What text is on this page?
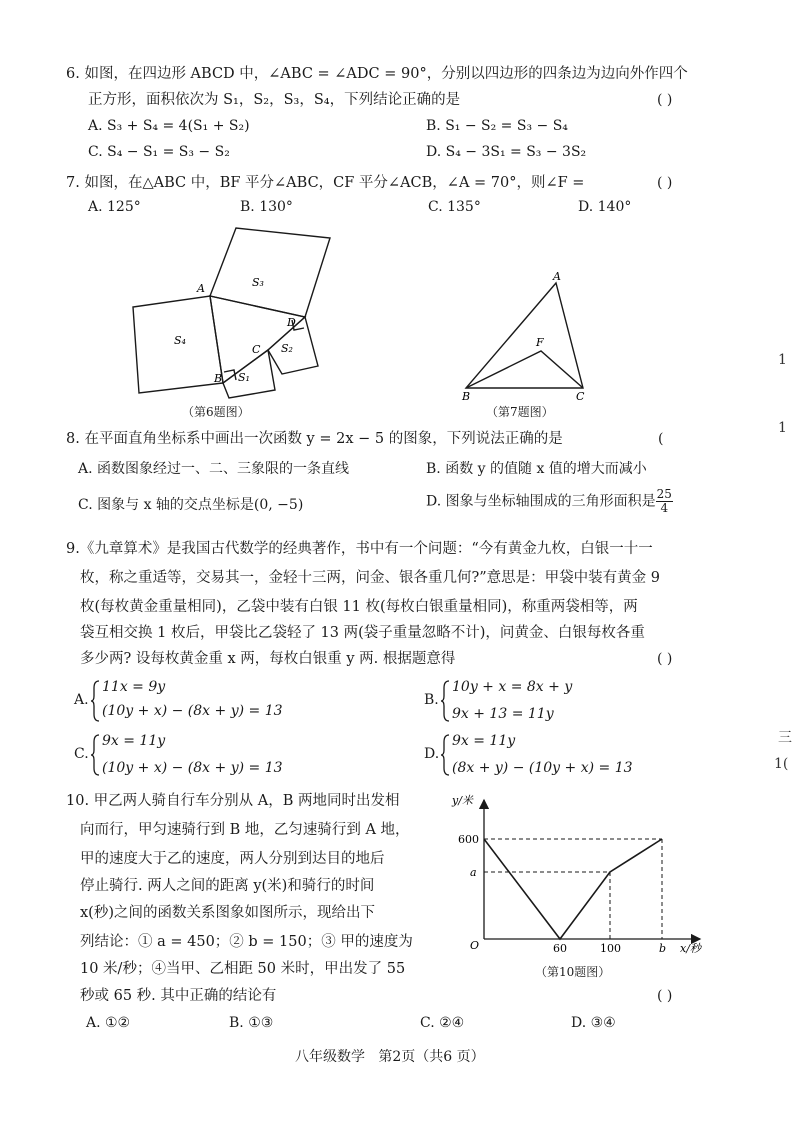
6. 如图，在四边形 ABCD 中，∠ABC = ∠ADC = 90°，分别以四边形的四条边为边向外作四个
正方形，面积依次为 S₁，S₂，S₃，S₄，下列结论正确的是	( )
A. S₃ + S₄ = 4(S₁ + S₂)	B. S₁ − S₂ = S₃ − S₄
C. S₄ − S₁ = S₃ − S₂	D. S₄ − 3S₁ = S₃ − 3S₂
7. 如图，在△ABC 中，BF 平分∠ABC，CF 平分∠ACB，∠A = 70°，则∠F =	( )
A. 125°	B. 130°	C. 135°	D. 140°
A
B
C
D
S₁
S₂
S₃
S₄
（第6题图）
A
B	C
F
（第7题图）
8. 在平面直角坐标系中画出一次函数 y = 2x − 5 的图象，下列说法正确的是	(
A. 函数图象经过一、二、三象限的一条直线	B. 函数 y 的值随 x 值的增大而减小
C. 图象与 x 轴的交点坐标是(0, −5)	D. 图象与坐标轴围成的三角形面积是 $\frac{25}{4}$
9.《九章算术》是我国古代数学的经典著作，书中有一个问题：“今有黄金九枚，白银一十一
枚，称之重适等，交易其一，金轻十三两，问金、银各重几何?”意思是：甲袋中装有黄金 9
枚(每枚黄金重量相同)，乙袋中装有白银 11 枚(每枚白银重量相同)，称重两袋相等，两
袋互相交换 1 枚后，甲袋比乙袋轻了 13 两(袋子重量忽略不计)，问黄金、白银每枚各重
多少两? 设每枚黄金重 x 两，每枚白银重 y 两. 根据题意得	( )
A.
11x = 9y
(10y + x) − (8x + y) = 13
B.
10y + x = 8x + y
9x + 13 = 11y
C.
9x = 11y
(10y + x) − (8x + y) = 13
D.
9x = 11y
(8x + y) − (10y + x) = 13
10. 甲乙两人骑自行车分别从 A，B 两地同时出发相
向而行，甲匀速骑行到 B 地，乙匀速骑行到 A 地，
甲的速度大于乙的速度，两人分别到达目的地后
停止骑行. 两人之间的距离 y(米)和骑行的时间
x(秒)之间的函数关系图象如图所示，现给出下
列结论：① a = 450；② b = 150；③ 甲的速度为
10 米/秒；④当甲、乙相距 50 米时，甲出发了 55
秒或 65 秒. 其中正确的结论有	( )
A. ①②	B. ①③	C. ②④	D. ③④
y/米
x/秒
O
600
a
60	100	b
（第10题图）
八年级数学   第2页（共6 页）
1
1
三
1(
